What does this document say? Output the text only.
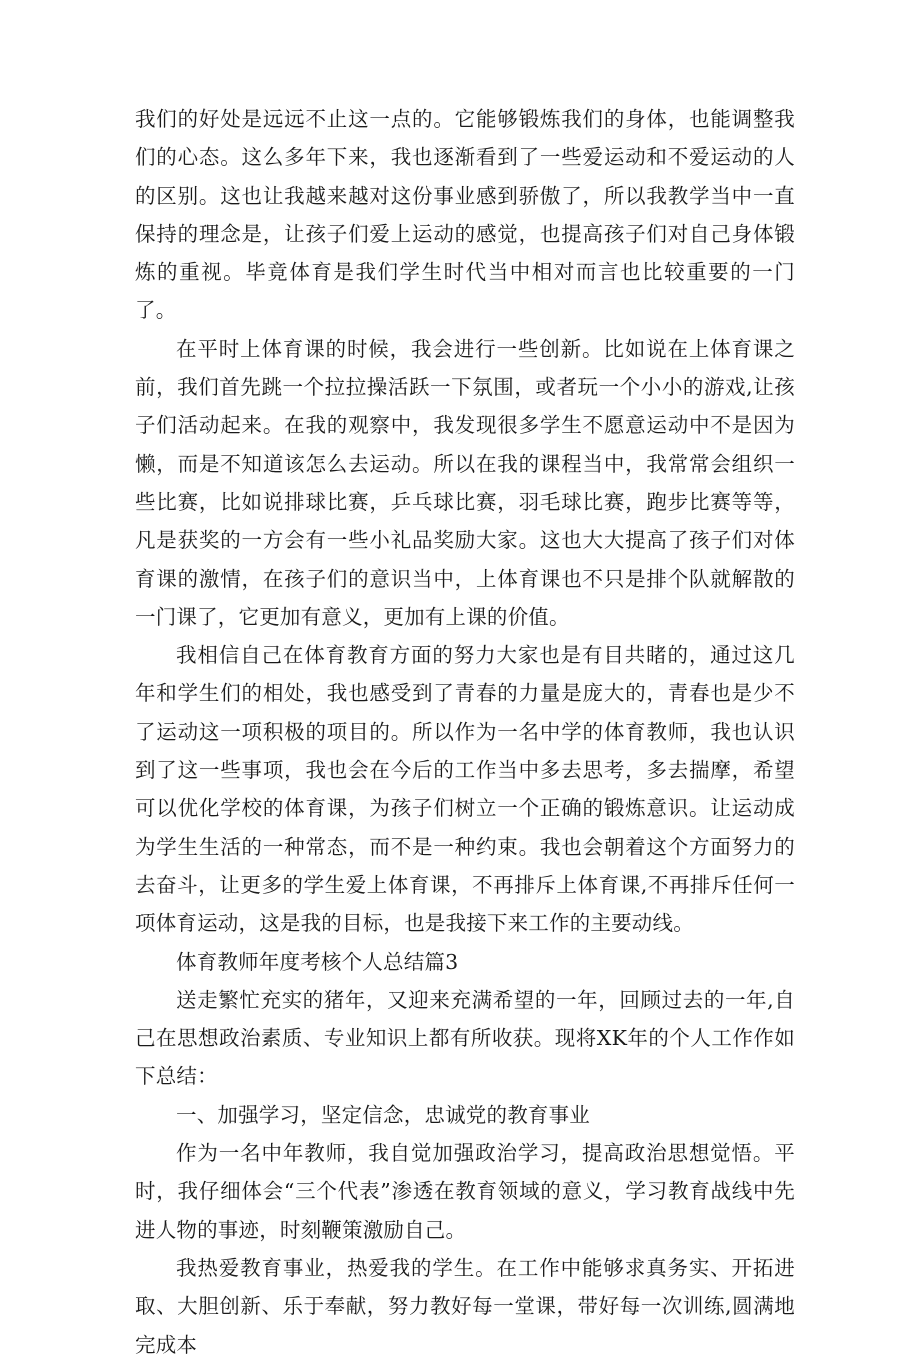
我们的好处是远远不止这一点的。它能够锻炼我们的身体，也能调整我们的心态。这么多年下来，我也逐渐看到了一些爱运动和不爱运动的人的区别。这也让我越来越对这份事业感到骄傲了，所以我教学当中一直保持的理念是，让孩子们爱上运动的感觉，也提高孩子们对自己身体锻炼的重视。毕竟体育是我们学生时代当中相对而言也比较重要的一门了。

在平时上体育课的时候，我会进行一些创新。比如说在上体育课之前，我们首先跳一个拉拉操活跃一下氛围，或者玩一个小小的游戏,让孩子们活动起来。在我的观察中，我发现很多学生不愿意运动中不是因为懒，而是不知道该怎么去运动。所以在我的课程当中，我常常会组织一些比赛，比如说排球比赛，乒乓球比赛，羽毛球比赛，跑步比赛等等，凡是获奖的一方会有一些小礼品奖励大家。这也大大提高了孩子们对体育课的激情，在孩子们的意识当中，上体育课也不只是排个队就解散的一门课了，它更加有意义，更加有上课的价值。

我相信自己在体育教育方面的努力大家也是有目共睹的，通过这几年和学生们的相处，我也感受到了青春的力量是庞大的，青春也是少不了运动这一项积极的项目的。所以作为一名中学的体育教师，我也认识到了这一些事项，我也会在今后的工作当中多去思考，多去揣摩，希望可以优化学校的体育课，为孩子们树立一个正确的锻炼意识。让运动成为学生生活的一种常态，而不是一种约束。我也会朝着这个方面努力的去奋斗，让更多的学生爱上体育课，不再排斥上体育课,不再排斥任何一项体育运动，这是我的目标，也是我接下来工作的主要动线。

体育教师年度考核个人总结篇3

送走繁忙充实的猪年，又迎来充满希望的一年，回顾过去的一年,自己在思想政治素质、专业知识上都有所收获。现将XK年的个人工作作如下总结：

一、加强学习，坚定信念，忠诚党的教育事业

作为一名中年教师，我自觉加强政治学习，提高政治思想觉悟。平时，我仔细体会“三个代表”渗透在教育领域的意义，学习教育战线中先进人物的事迹，时刻鞭策激励自己。

我热爱教育事业，热爱我的学生。在工作中能够求真务实、开拓进取、大胆创新、乐于奉献，努力教好每一堂课，带好每一次训练,圆满地完成本
